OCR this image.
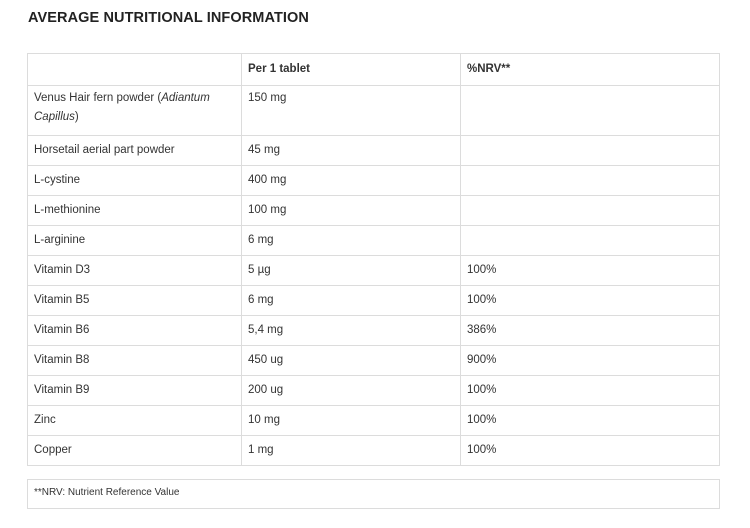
AVERAGE NUTRITIONAL INFORMATION
	Per 1 tablet	%NRV**
Venus Hair fern powder (Adiantum Capillus)	150 mg	
Horsetail aerial part powder	45 mg	
L-cystine	400 mg	
L-methionine	100 mg	
L-arginine	6 mg	
Vitamin D3	5 µg	100%
Vitamin B5	6 mg	100%
Vitamin B6	5,4 mg	386%
Vitamin B8	450 ug	900%
Vitamin B9	200 ug	100%
Zinc	10 mg	100%
Copper	1 mg	100%
**NRV: Nutrient Reference Value
